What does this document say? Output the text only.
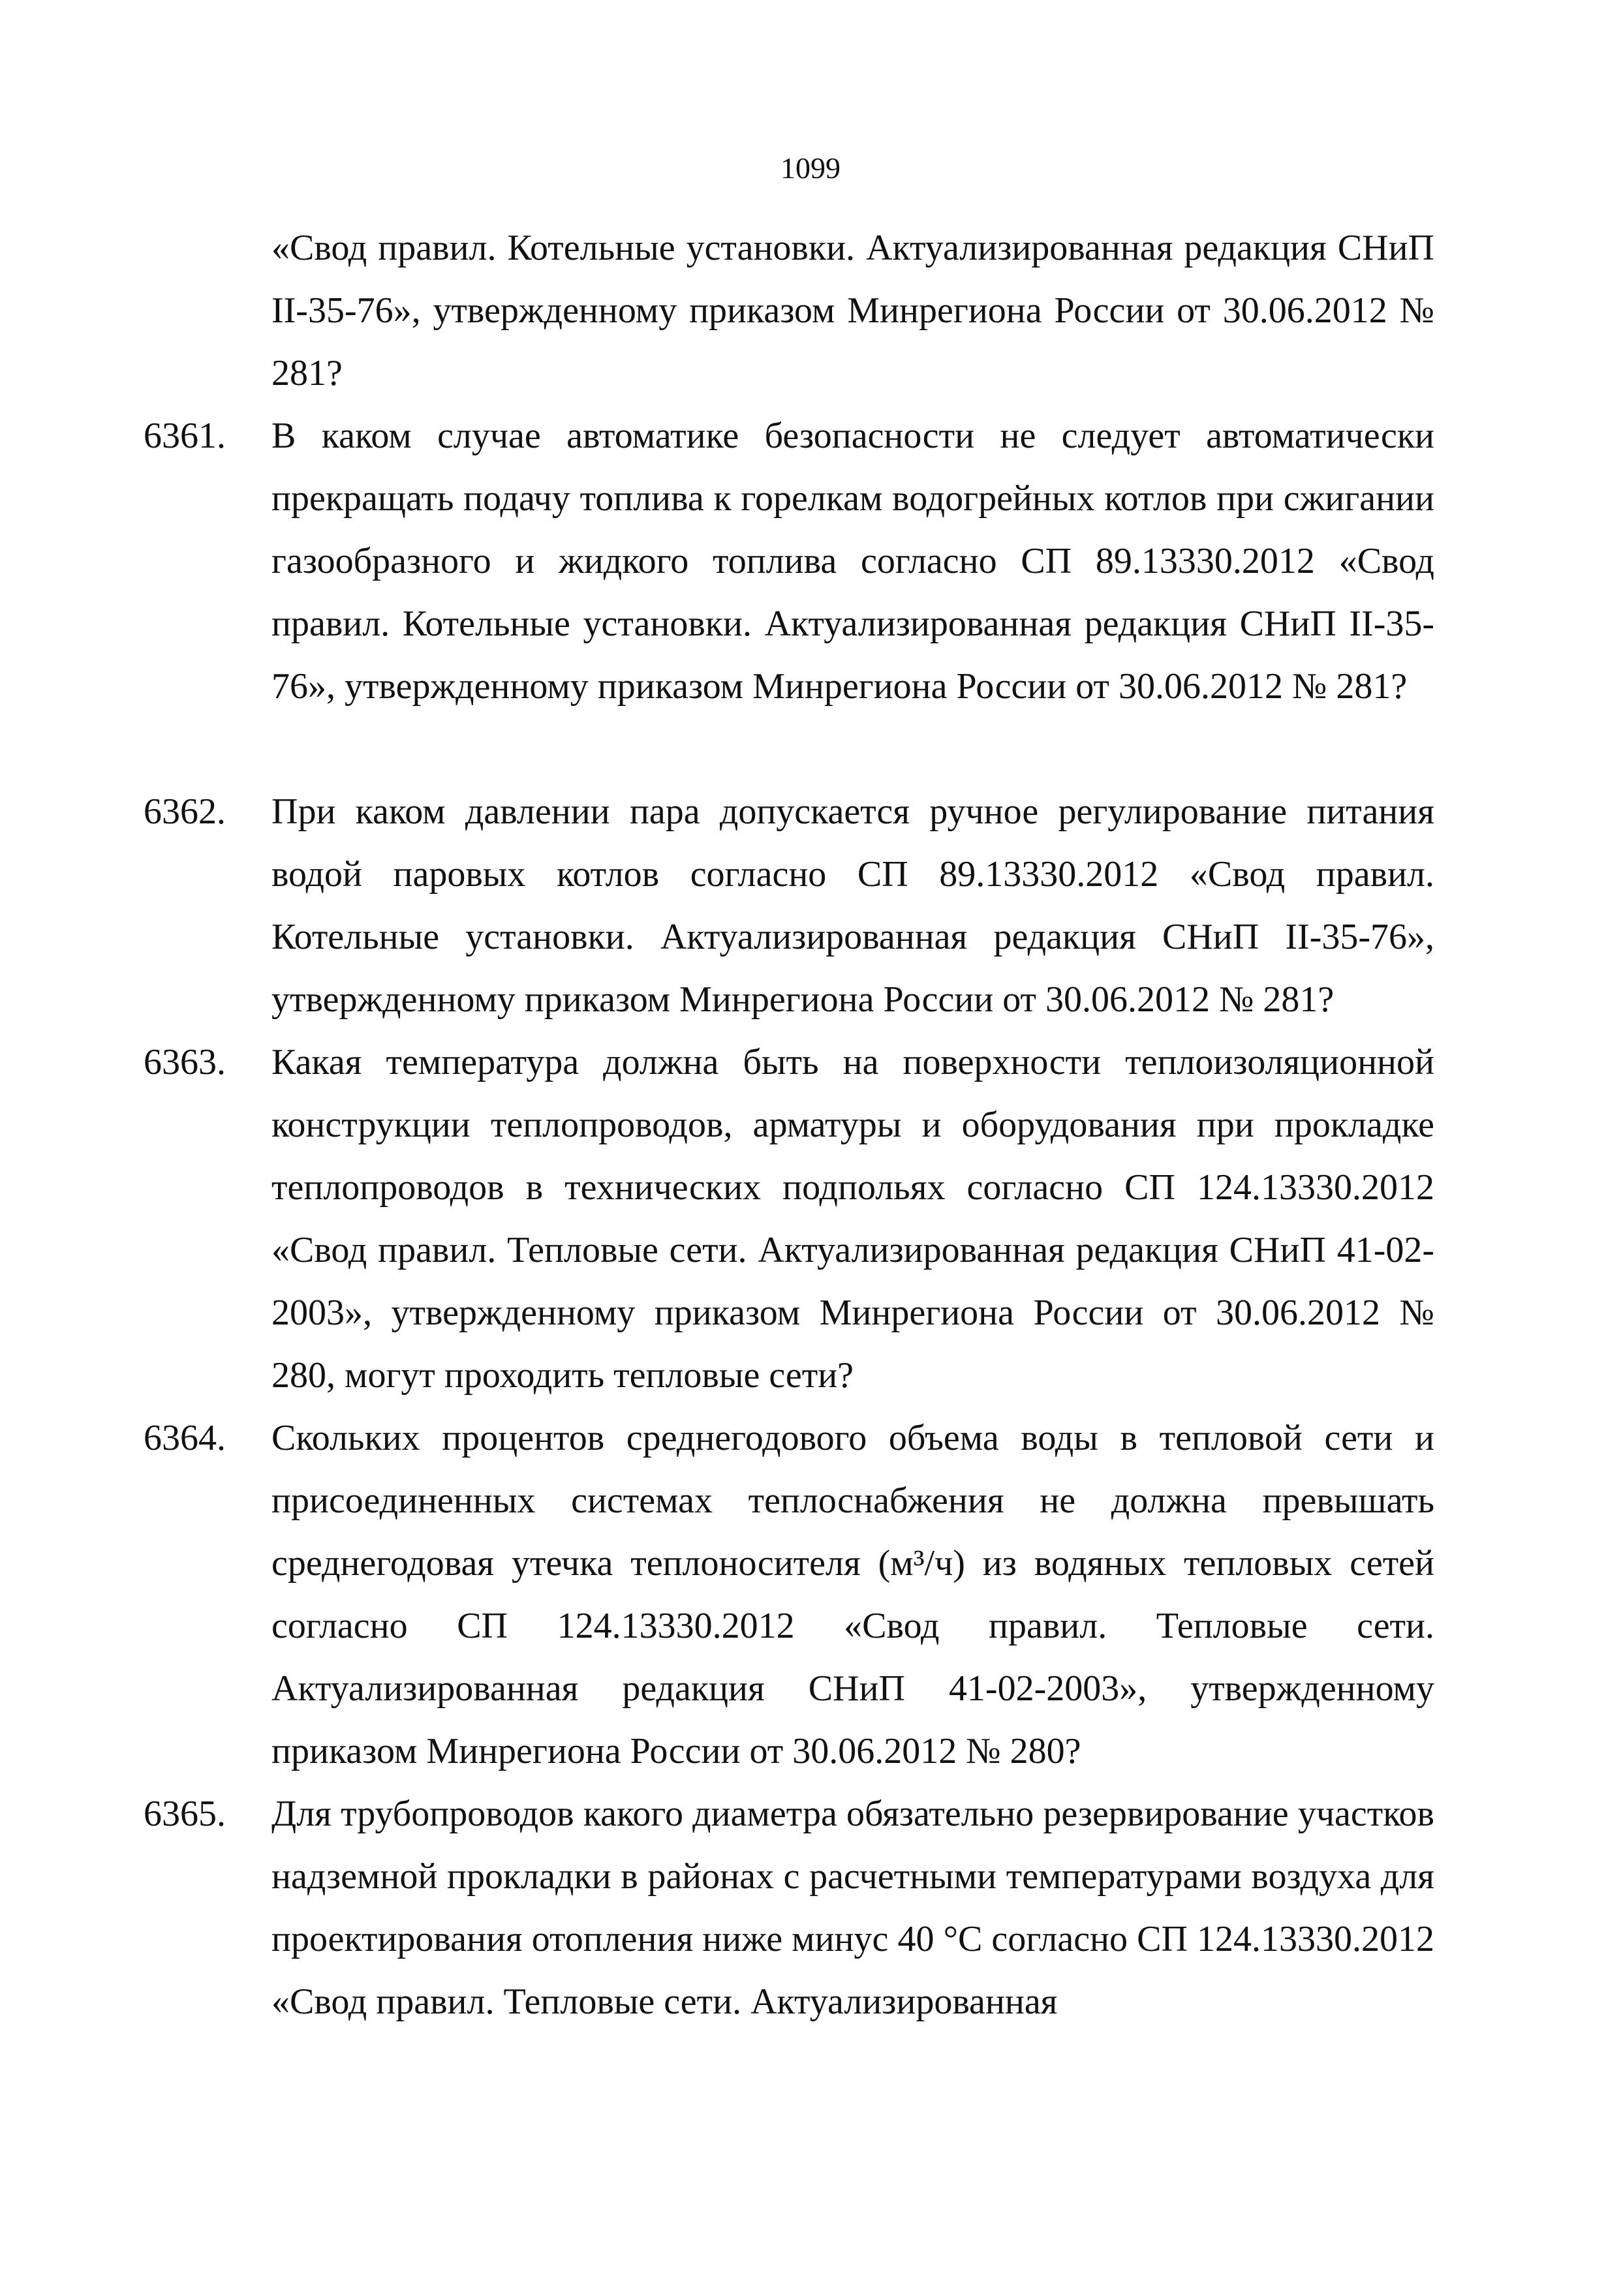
1099
«Свод правил. Котельные установки. Актуализированная редакция СНиП II-35-76», утвержденному приказом Минрегиона России от 30.06.2012 № 281?
6361. В каком случае автоматике безопасности не следует автоматически прекращать подачу топлива к горелкам водогрейных котлов при сжигании газообразного и жидкого топлива согласно СП 89.13330.2012 «Свод правил. Котельные установки. Актуализированная редакция СНиП II-35-76», утвержденному приказом Минрегиона России от 30.06.2012 № 281?
6362. При каком давлении пара допускается ручное регулирование питания водой паровых котлов согласно СП 89.13330.2012 «Свод правил. Котельные установки. Актуализированная редакция СНиП II-35-76», утвержденному приказом Минрегиона России от 30.06.2012 № 281?
6363. Какая температура должна быть на поверхности теплоизоляционной конструкции теплопроводов, арматуры и оборудования при прокладке теплопроводов в технических подпольях согласно СП 124.13330.2012 «Свод правил. Тепловые сети. Актуализированная редакция СНиП 41-02-2003», утвержденному приказом Минрегиона России от 30.06.2012 № 280, могут проходить тепловые сети?
6364. Скольких процентов среднегодового объема воды в тепловой сети и присоединенных системах теплоснабжения не должна превышать среднегодовая утечка теплоносителя (м³/ч) из водяных тепловых сетей согласно СП 124.13330.2012 «Свод правил. Тепловые сети. Актуализированная редакция СНиП 41-02-2003», утвержденному приказом Минрегиона России от 30.06.2012 № 280?
6365. Для трубопроводов какого диаметра обязательно резервирование участков надземной прокладки в районах с расчетными температурами воздуха для проектирования отопления ниже минус 40 °С согласно СП 124.13330.2012 «Свод правил. Тепловые сети. Актуализированная
